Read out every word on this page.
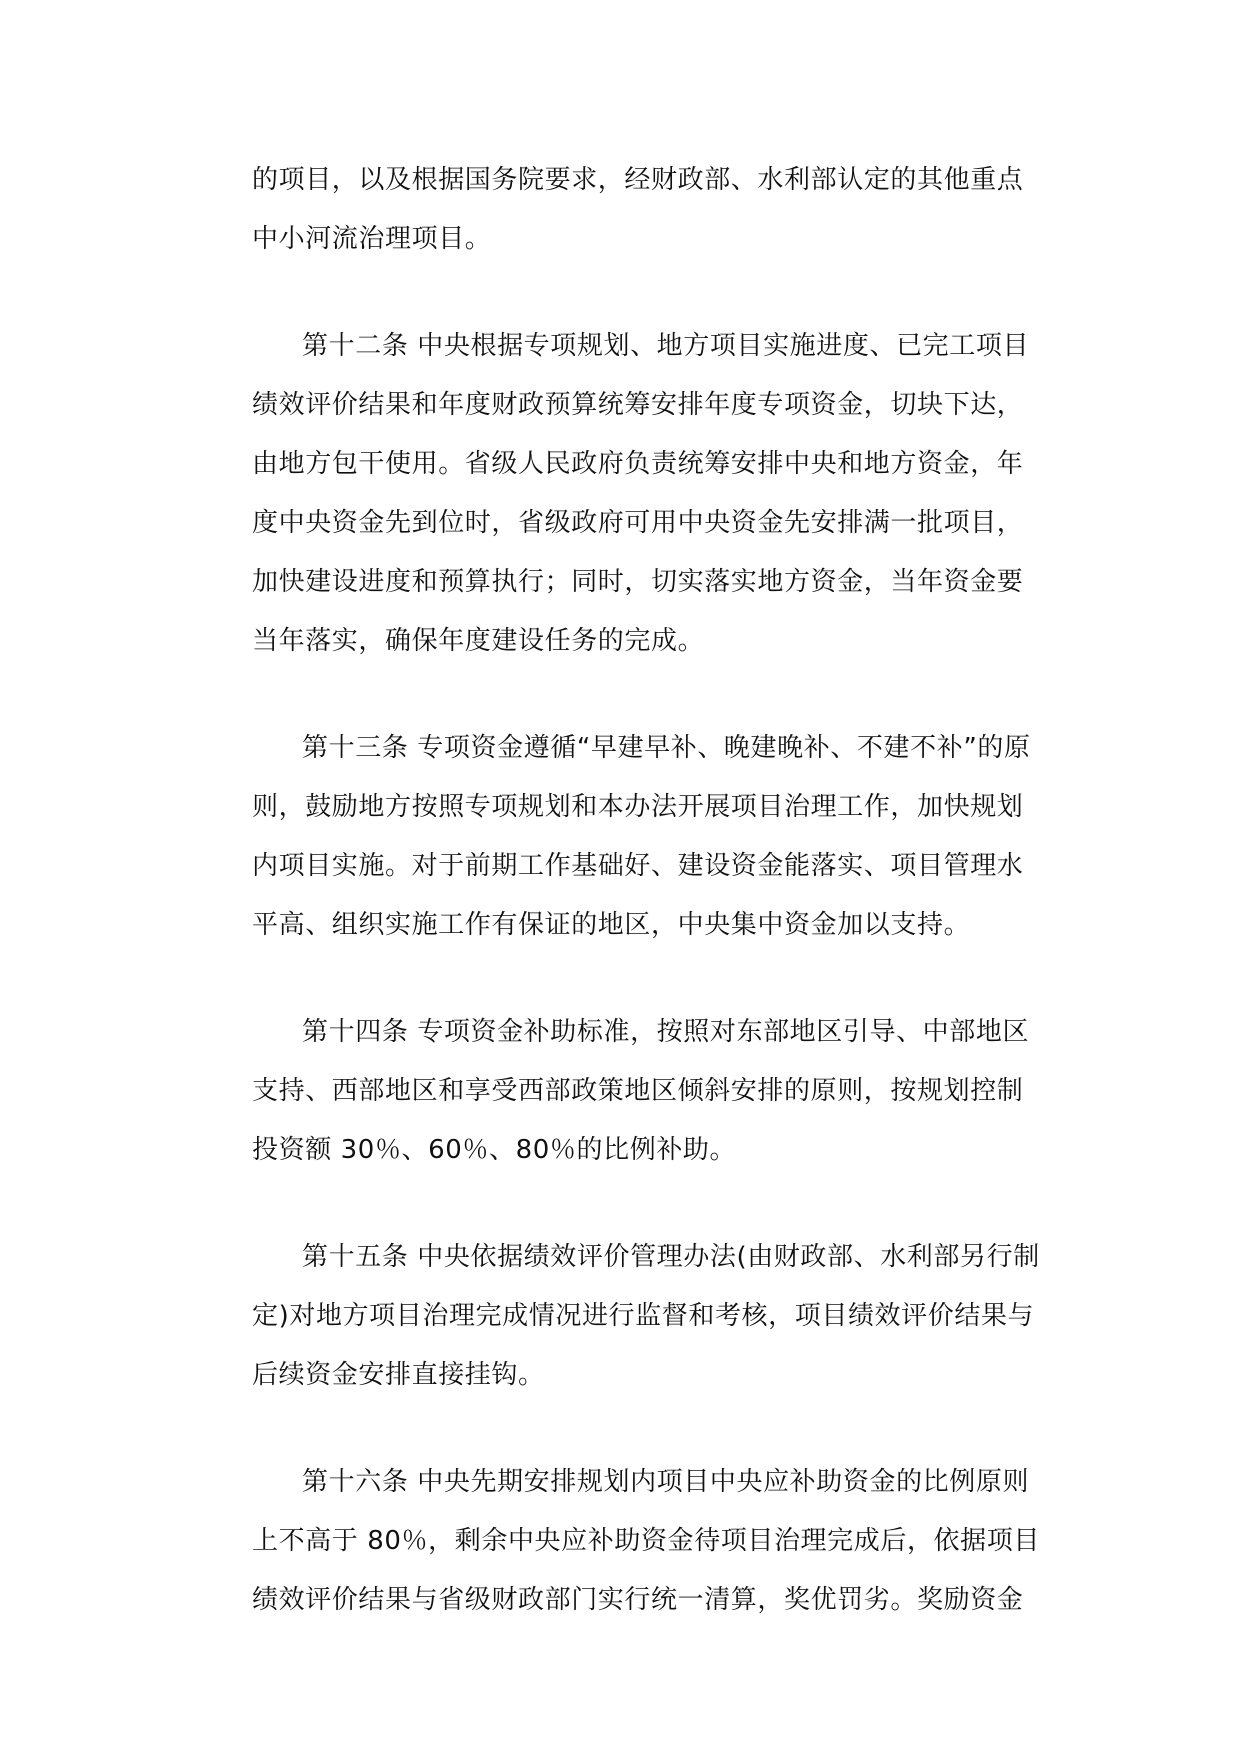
的项目，以及根据国务院要求，经财政部、水利部认定的其他重点
中小河流治理项目。
第十二条 中央根据专项规划、地方项目实施进度、已完工项目
绩效评价结果和年度财政预算统筹安排年度专项资金，切块下达，
由地方包干使用。省级人民政府负责统筹安排中央和地方资金，年
度中央资金先到位时，省级政府可用中央资金先安排满一批项目，
加快建设进度和预算执行；同时，切实落实地方资金，当年资金要
当年落实，确保年度建设任务的完成。
第十三条 专项资金遵循“早建早补、晚建晚补、不建不补”的原
则，鼓励地方按照专项规划和本办法开展项目治理工作，加快规划
内项目实施。对于前期工作基础好、建设资金能落实、项目管理水
平高、组织实施工作有保证的地区，中央集中资金加以支持。
第十四条 专项资金补助标准，按照对东部地区引导、中部地区
支持、西部地区和享受西部政策地区倾斜安排的原则，按规划控制
投资额 30％、60％、80％的比例补助。
第十五条 中央依据绩效评价管理办法(由财政部、水利部另行制
定)对地方项目治理完成情况进行监督和考核，项目绩效评价结果与
后续资金安排直接挂钩。
第十六条 中央先期安排规划内项目中央应补助资金的比例原则
上不高于 80％，剩余中央应补助资金待项目治理完成后，依据项目
绩效评价结果与省级财政部门实行统一清算，奖优罚劣。奖励资金
